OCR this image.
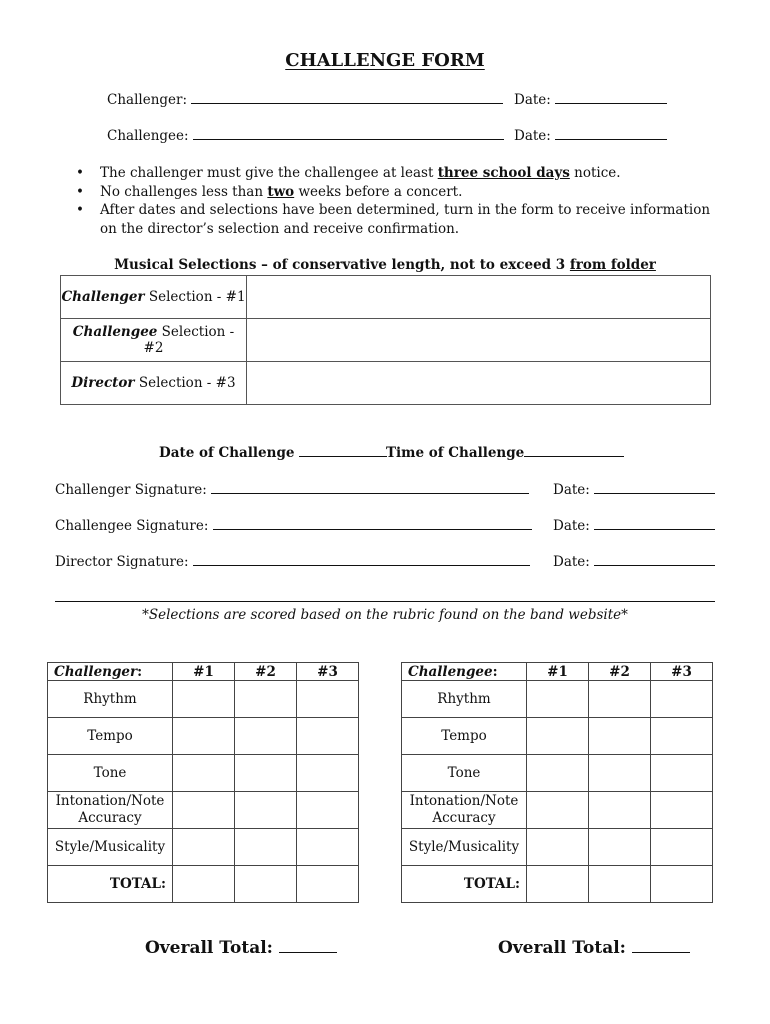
CHALLENGE FORM
Challenger:	Date:
Challengee:	Date:
• The challenger must give the challengee at least three school days notice.
• No challenges less than two weeks before a concert.
• After dates and selections have been determined, turn in the form to receive information on the director’s selection and receive confirmation.
Musical Selections – of conservative length, not to exceed 3 from folder
Challenger Selection - #1	
Challengee Selection - #2	
Director Selection - #3	
Date of Challenge	Time of Challenge
Challenger Signature:	Date:
Challengee Signature:	Date:
Director Signature:	Date:
*Selections are scored based on the rubric found on the band website*
Challenger:	#1	#2	#3
Rhythm			
Tempo			
Tone			
Intonation/Note
Accuracy			
Style/Musicality			
TOTAL:			
Challengee:	#1	#2	#3
Rhythm			
Tempo			
Tone			
Intonation/Note
Accuracy			
Style/Musicality			
TOTAL:			
Overall Total:	Overall Total:
